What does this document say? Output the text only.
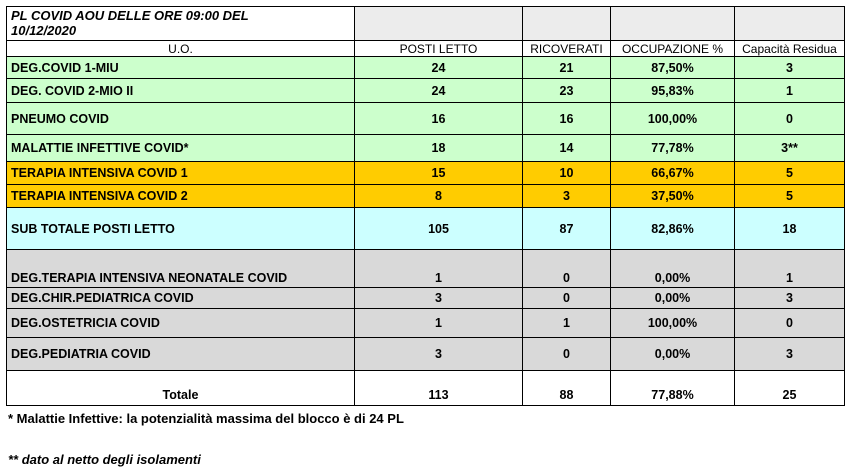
PL COVID AOU DELLE ORE 09:00 DEL
10/12/2020				
U.O.	POSTI LETTO	RICOVERATI	OCCUPAZIONE %	Capacità Residua
DEG.COVID 1-MIU	24	21	87,50%	3
DEG. COVID 2-MIO II	24	23	95,83%	1
PNEUMO COVID	16	16	100,00%	0
MALATTIE INFETTIVE COVID*	18	14	77,78%	3**
TERAPIA INTENSIVA COVID 1	15	10	66,67%	5
TERAPIA INTENSIVA COVID 2	8	3	37,50%	5
SUB TOTALE POSTI LETTO	105	87	82,86%	18
DEG.TERAPIA INTENSIVA NEONATALE COVID	1	0	0,00%	1
DEG.CHIR.PEDIATRICA COVID	3	0	0,00%	3
DEG.OSTETRICIA COVID	1	1	100,00%	0
DEG.PEDIATRIA COVID	3	0	0,00%	3
Totale	113	88	77,88%	25
* Malattie Infettive: la potenzialità massima del blocco è di 24 PL
** dato al netto degli isolamenti
